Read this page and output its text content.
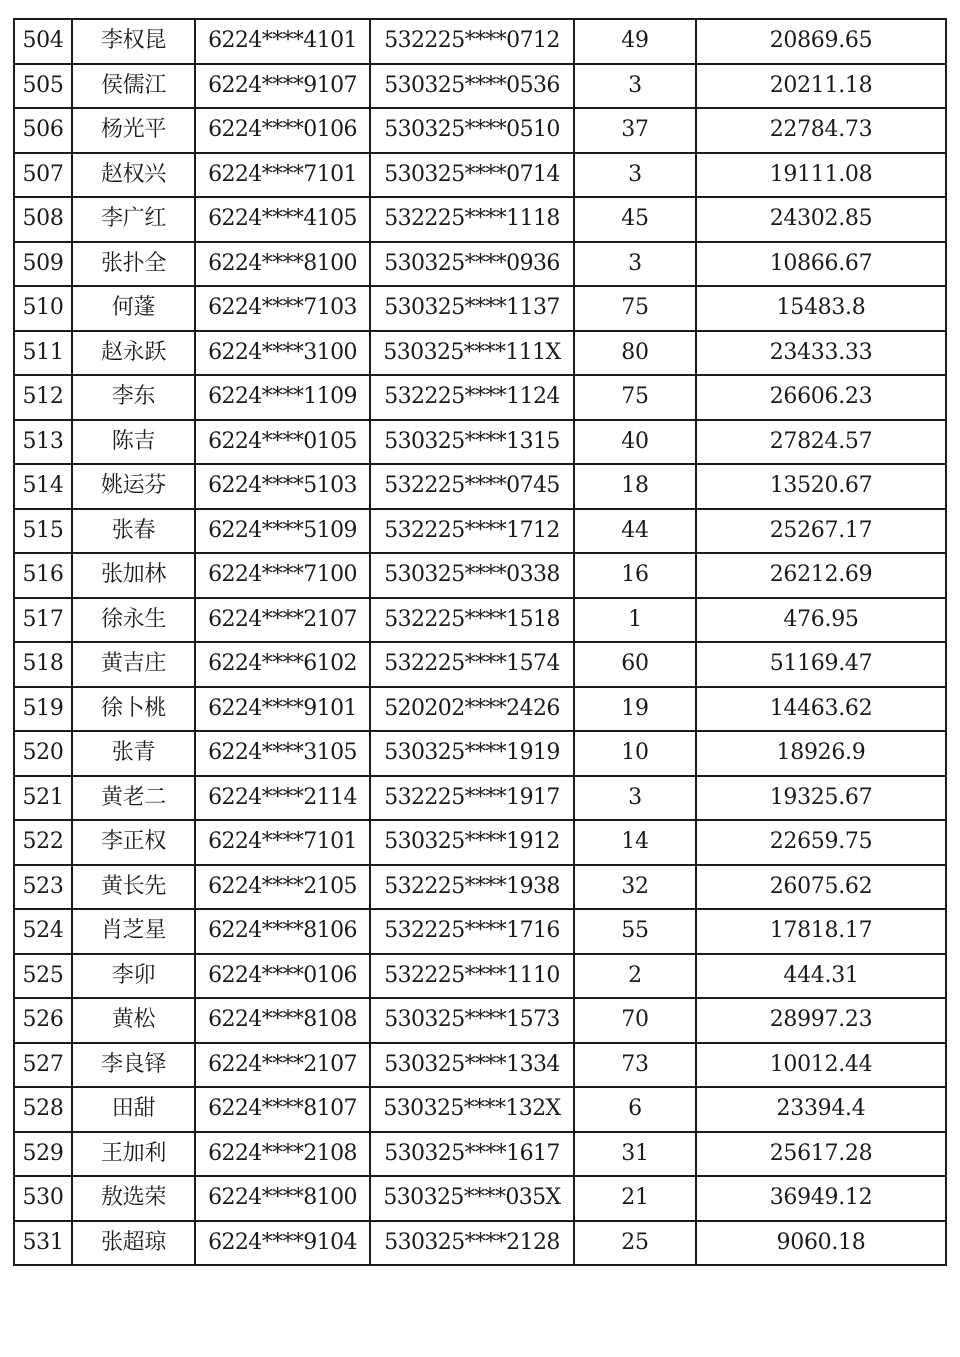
504	李权昆	6224****4101	532225****0712	49	20869.65
505	侯儒江	6224****9107	530325****0536	3	20211.18
506	杨光平	6224****0106	530325****0510	37	22784.73
507	赵权兴	6224****7101	530325****0714	3	19111.08
508	李广红	6224****4105	532225****1118	45	24302.85
509	张扑全	6224****8100	530325****0936	3	10866.67
510	何蓬	6224****7103	530325****1137	75	15483.8
511	赵永跃	6224****3100	530325****111X	80	23433.33
512	李东	6224****1109	532225****1124	75	26606.23
513	陈吉	6224****0105	530325****1315	40	27824.57
514	姚运芬	6224****5103	532225****0745	18	13520.67
515	张春	6224****5109	532225****1712	44	25267.17
516	张加林	6224****7100	530325****0338	16	26212.69
517	徐永生	6224****2107	532225****1518	1	476.95
518	黄吉庄	6224****6102	532225****1574	60	51169.47
519	徐卜桃	6224****9101	520202****2426	19	14463.62
520	张青	6224****3105	530325****1919	10	18926.9
521	黄老二	6224****2114	532225****1917	3	19325.67
522	李正权	6224****7101	530325****1912	14	22659.75
523	黄长先	6224****2105	532225****1938	32	26075.62
524	肖芝星	6224****8106	532225****1716	55	17818.17
525	李卯	6224****0106	532225****1110	2	444.31
526	黄松	6224****8108	530325****1573	70	28997.23
527	李良铎	6224****2107	530325****1334	73	10012.44
528	田甜	6224****8107	530325****132X	6	23394.4
529	王加利	6224****2108	530325****1617	31	25617.28
530	敖选荣	6224****8100	530325****035X	21	36949.12
531	张超琼	6224****9104	530325****2128	25	9060.18
